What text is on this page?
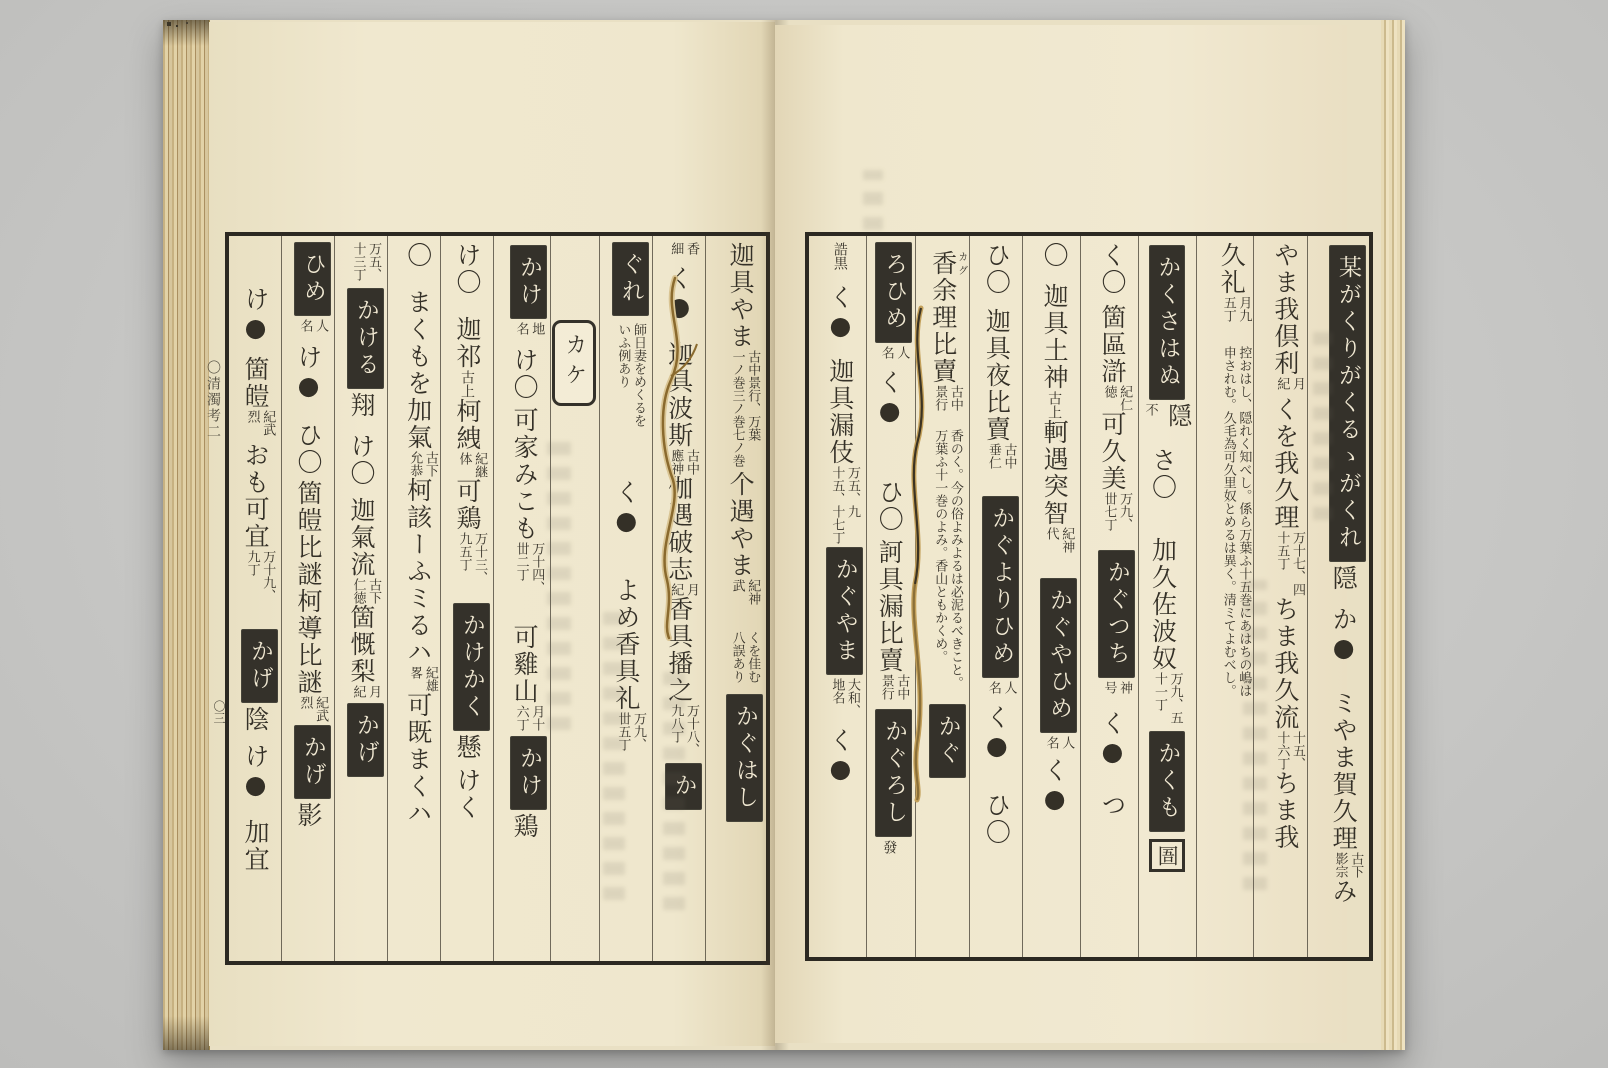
〇清濁考二
〇三
迦具やま
古中景行、万葉
一ノ巻三ノ巻七ノ巻
个遇やま
紀神
武
くを佳む
八誤あり
かぐはし
香
細
く●迦具波斯
古中
應神
伽遇破志
月
紀
香具播之
万十八、
九八丁
か
ぐれ
師日妻をめくるを
いふ例あり
く●よめ香具礼
万九、
丗五丁
カケ
かけ
地
名
け〇可家みこも
万十四、
丗二丁
可雞山
月十
六丁
かけ鶏
け〇迦祁古上柯絏
紀継
体
可鶏
万十三、
九五丁
かけかく懸けく
〇まくもを加氣
古下
允恭
柯該ーふミるハ
紀雄
畧
可既まくハ
万五、
十三丁
かける翔け〇迦氣流
古下
仁徳
箇慨梨
月
紀
かげ
ひめ
人
名
け●ひ〇箇皚比謎柯導比謎
紀武
烈
かげ影
け●箇皚
紀武
烈
おも可宜
万十九、
九丁
かげ陰け●加宜
某がくりがくるゝがくれ隠か●ミやま賀久理
古下
影宗
み
やま我倶利
月
紀
くを我久理
万十七、四
十五丁
ちま我久流
十五、
十六丁
ちま我
久礼
月九
五丁
控おはし、隠れく知べし。係ら万葉ふ十五巻にあはちの嶋は
申されむ。久毛為可久里奴とめるは異く。清ミてよむべし。
かくさはぬ
隠
不
さ〇加久佐波奴
万九、五
十一丁
かくも圄
く〇箇區滸
紀仁
徳
可久美
万九、
丗七丁
かぐつち
神
号
く●つ
〇迦具土神古上軻遇突智
紀神
代
かぐやひめ
人
名
く●
ひ〇迦具夜比賣
古中
垂仁
かぐよりひめ
人
名
く●ひ〇
香カグ余理比賣
古中
景行
香のく。今の俗よみよるは必泥るべきこと。
万葉ふ十一巻のよみ。香山ともかくめ。
かぐ
ろひめ
人
名
く●ひ〇訶具漏比賣
古中
景行
かぐろし發
誥黒く●迦具漏伎
万五、九
十五、十七丁
かぐやま
大和、
地名
く●
